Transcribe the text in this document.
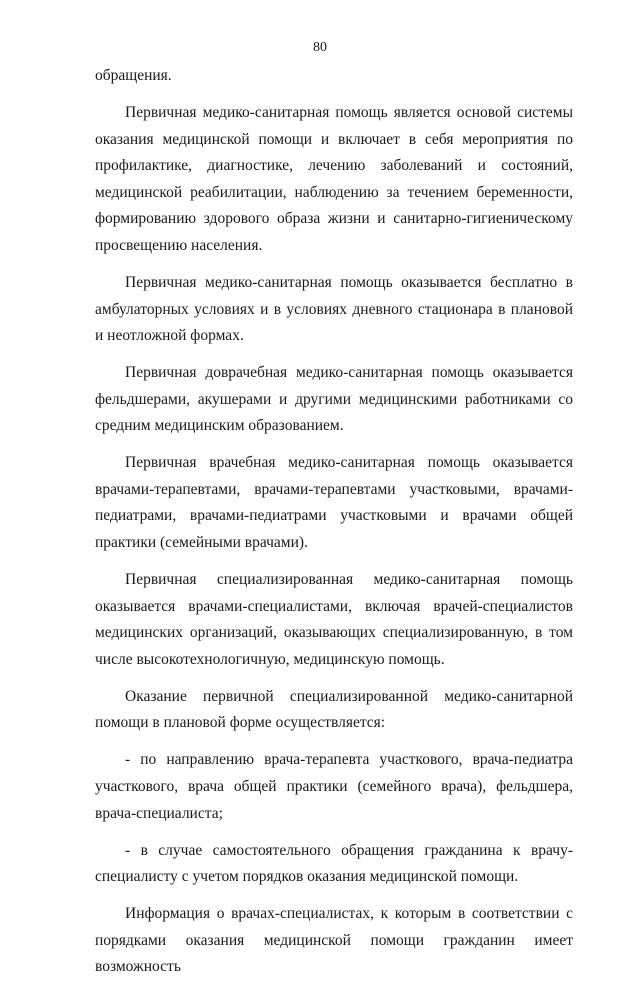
80

обращения.

Первичная медико-санитарная помощь является основой системы оказания медицинской помощи и включает в себя мероприятия по профилактике, диагностике, лечению заболеваний и состояний, медицинской реабилитации, наблюдению за течением беременности, формированию здорового образа жизни и санитарно-гигиеническому просвещению населения.

Первичная медико-санитарная помощь оказывается бесплатно в амбулаторных условиях и в условиях дневного стационара в плановой и неотложной формах.

Первичная доврачебная медико-санитарная помощь оказывается фельдшерами, акушерами и другими медицинскими работниками со средним медицинским образованием.

Первичная врачебная медико-санитарная помощь оказывается врачами-терапевтами, врачами-терапевтами участковыми, врачами-педиатрами, врачами-педиатрами участковыми и врачами общей практики (семейными врачами).

Первичная специализированная медико-санитарная помощь оказывается врачами-специалистами, включая врачей-специалистов медицинских организаций, оказывающих специализированную, в том числе высокотехнологичную, медицинскую помощь.

Оказание первичной специализированной медико-санитарной помощи в плановой форме осуществляется:

- по направлению врача-терапевта участкового, врача-педиатра участкового, врача общей практики (семейного врача), фельдшера, врача-специалиста;

- в случае самостоятельного обращения гражданина к врачу-специалисту с учетом порядков оказания медицинской помощи.

Информация о врачах-специалистах, к которым в соответствии с порядками оказания медицинской помощи гражданин имеет возможность
